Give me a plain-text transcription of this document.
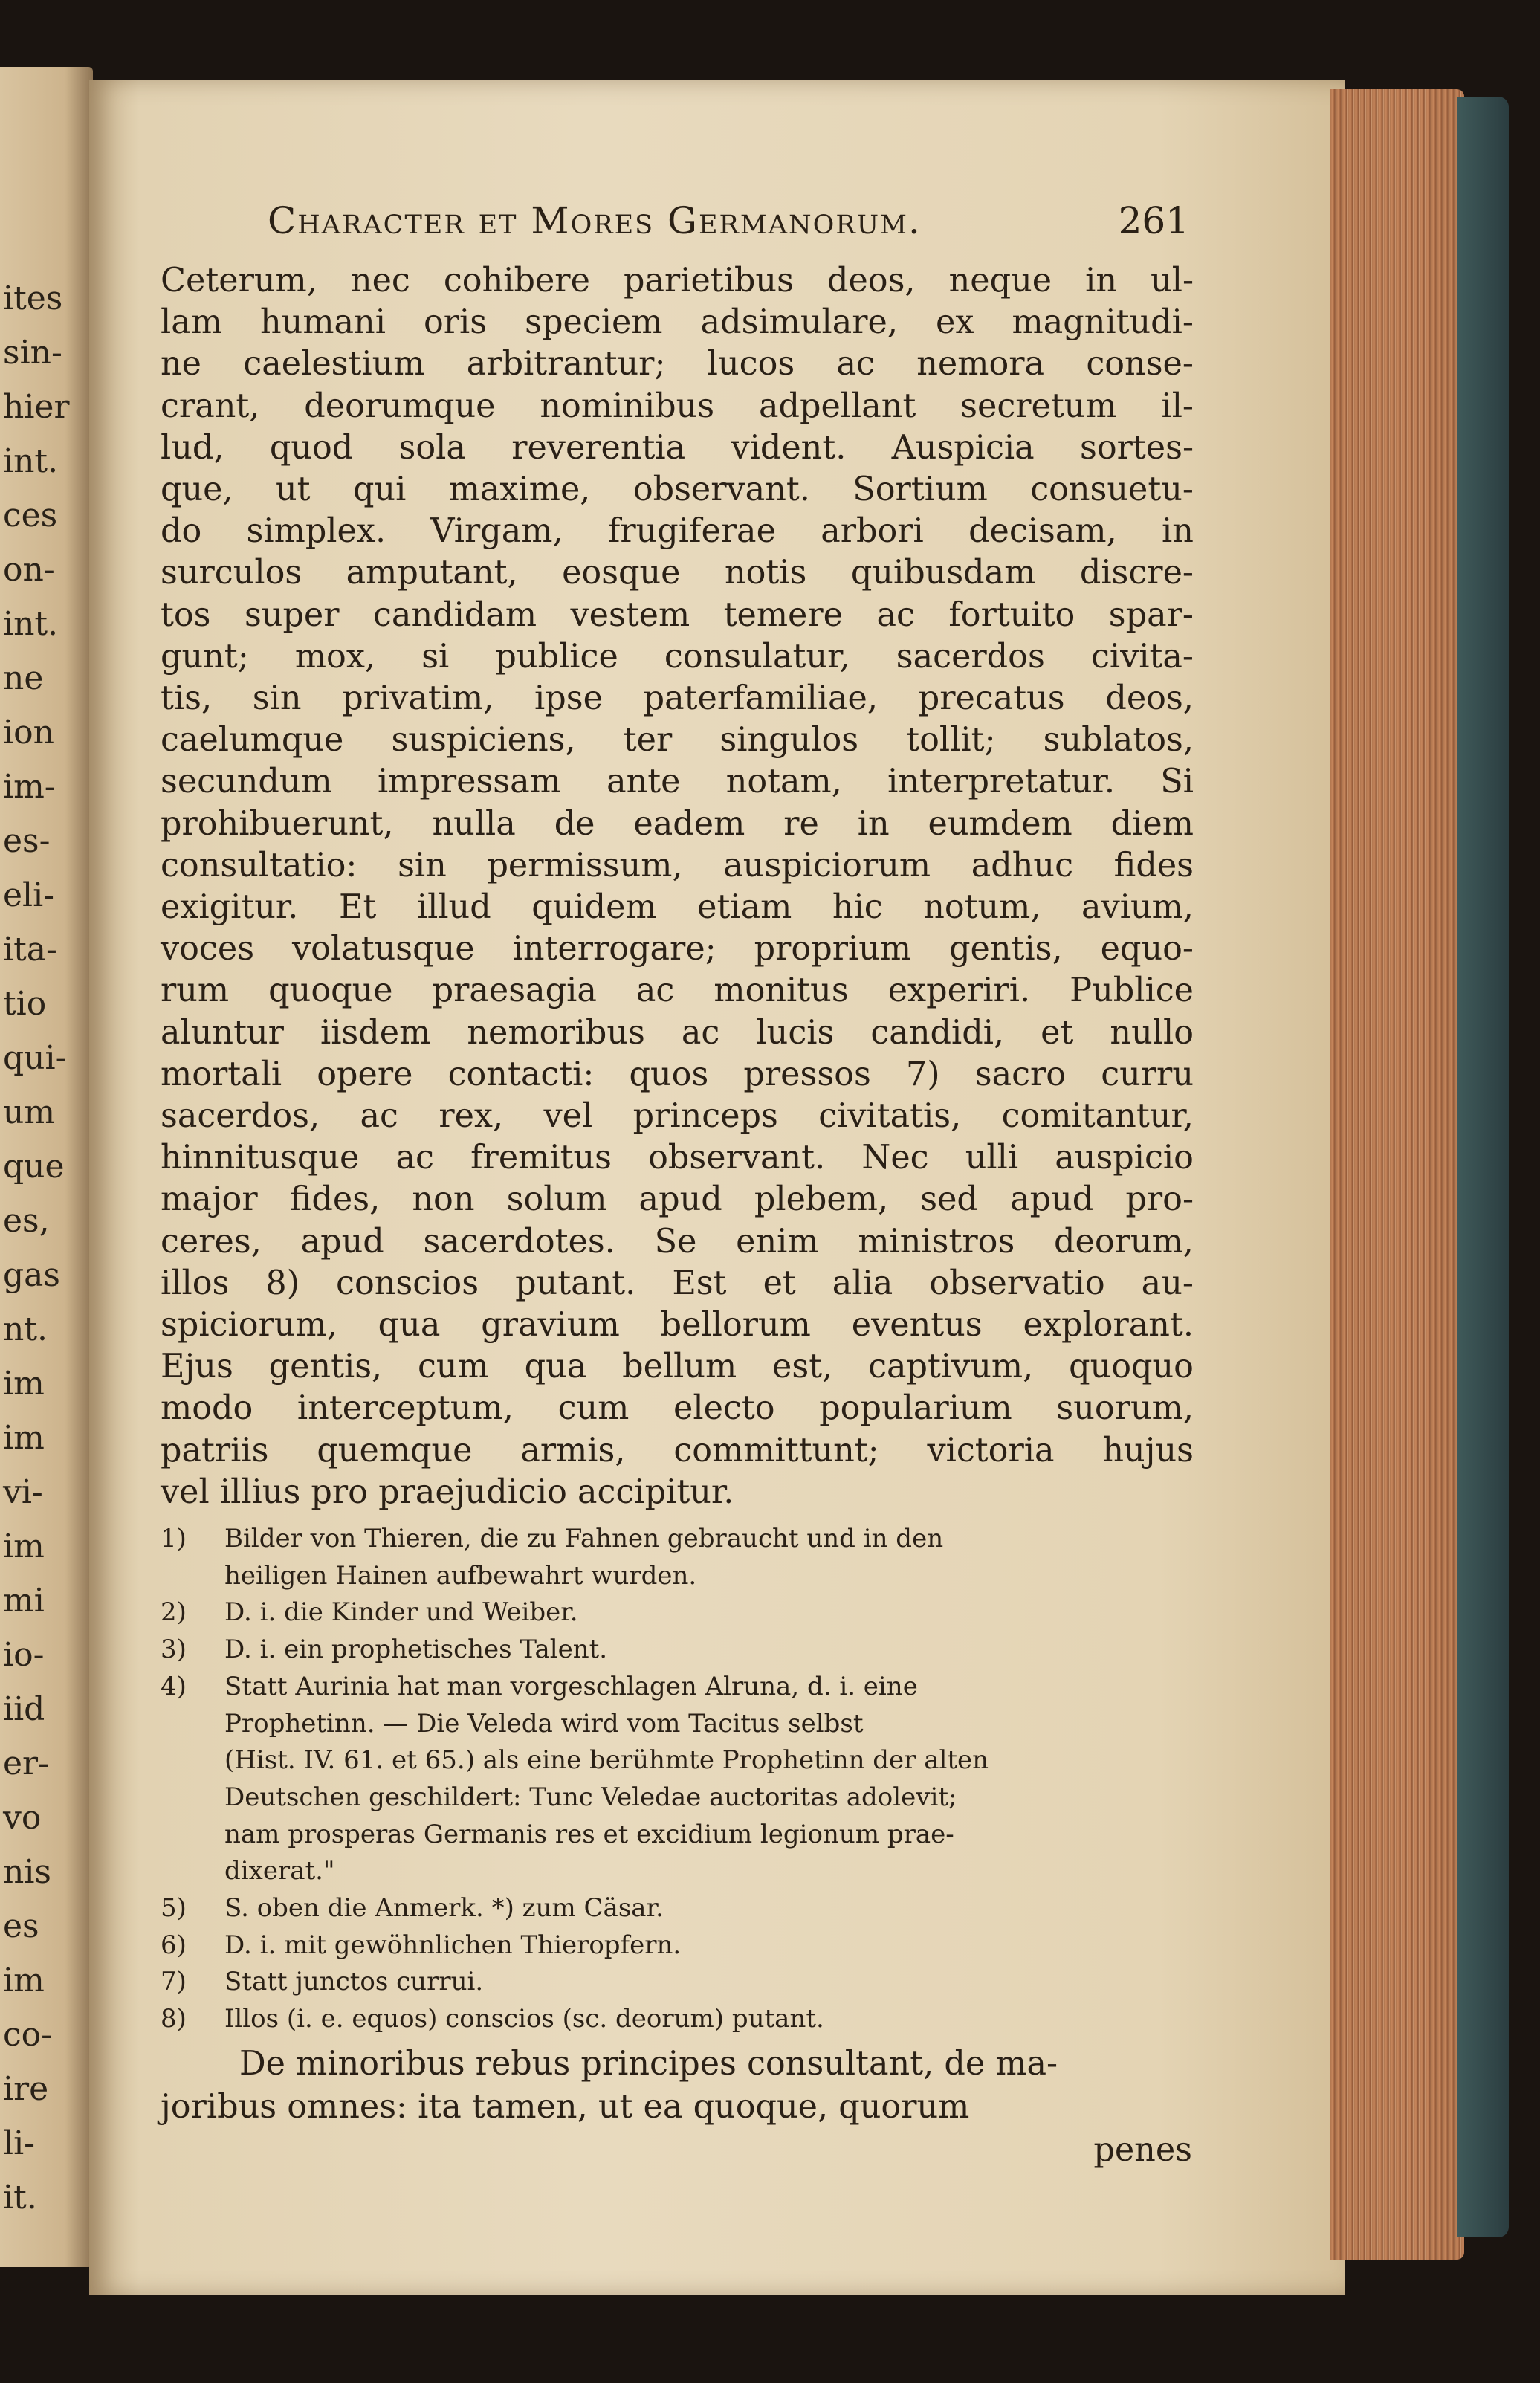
ites
sin-
hier
int.
ces
on-
int.
ne
ion
im-
es-
eli-
ita-
tio
qui-
um
que
es,
gas
nt.
im
im
vi-
im
mi
io-
iid
er-
vo
nis
es
im
co-
ire
li-
it.
Character et Mores Germanorum.	261
Ceterum, nec cohibere parietibus deos, neque in ul-
lam humani oris speciem adsimulare, ex magnitudi-
ne caelestium arbitrantur; lucos ac nemora conse-
crant, deorumque nominibus adpellant secretum il-
lud, quod sola reverentia vident. Auspicia sortes-
que, ut qui maxime, observant. Sortium consuetu-
do simplex. Virgam, frugiferae arbori decisam, in
surculos amputant, eosque notis quibusdam discre-
tos super candidam vestem temere ac fortuito spar-
gunt; mox, si publice consulatur, sacerdos civita-
tis, sin privatim, ipse paterfamiliae, precatus deos,
caelumque suspiciens, ter singulos tollit; sublatos,
secundum impressam ante notam, interpretatur. Si
prohibuerunt, nulla de eadem re in eumdem diem
consultatio: sin permissum, auspiciorum adhuc fides
exigitur. Et illud quidem etiam hic notum, avium,
voces volatusque interrogare; proprium gentis, equo-
rum quoque praesagia ac monitus experiri. Publice
aluntur iisdem nemoribus ac lucis candidi, et nullo
mortali opere contacti: quos pressos 7) sacro curru
sacerdos, ac rex, vel princeps civitatis, comitantur,
hinnitusque ac fremitus observant. Nec ulli auspicio
major fides, non solum apud plebem, sed apud pro-
ceres, apud sacerdotes. Se enim ministros deorum,
illos 8) conscios putant. Est et alia observatio au-
spiciorum, qua gravium bellorum eventus explorant.
Ejus gentis, cum qua bellum est, captivum, quoquo
modo interceptum, cum electo popularium suorum,
patriis quemque armis, committunt; victoria hujus
vel illius pro praejudicio accipitur.
1) Bilder von Thieren, die zu Fahnen gebraucht und in den
heiligen Hainen aufbewahrt wurden.
2) D. i. die Kinder und Weiber.
3) D. i. ein prophetisches Talent.
4) Statt Aurinia hat man vorgeschlagen Alruna, d. i. eine
Prophetinn. — Die Veleda wird vom Tacitus selbst
(Hist. IV. 61. et 65.) als eine berühmte Prophetinn der alten
Deutschen geschildert: Tunc Veledae auctoritas adolevit;
nam prosperas Germanis res et excidium legionum prae-
dixerat."
5) S. oben die Anmerk. *) zum Cäsar.
6) D. i. mit gewöhnlichen Thieropfern.
7) Statt junctos currui.
8) Illos (i. e. equos) conscios (sc. deorum) putant.
De minoribus rebus principes consultant, de ma-
joribus omnes: ita tamen, ut ea quoque, quorum
penes
